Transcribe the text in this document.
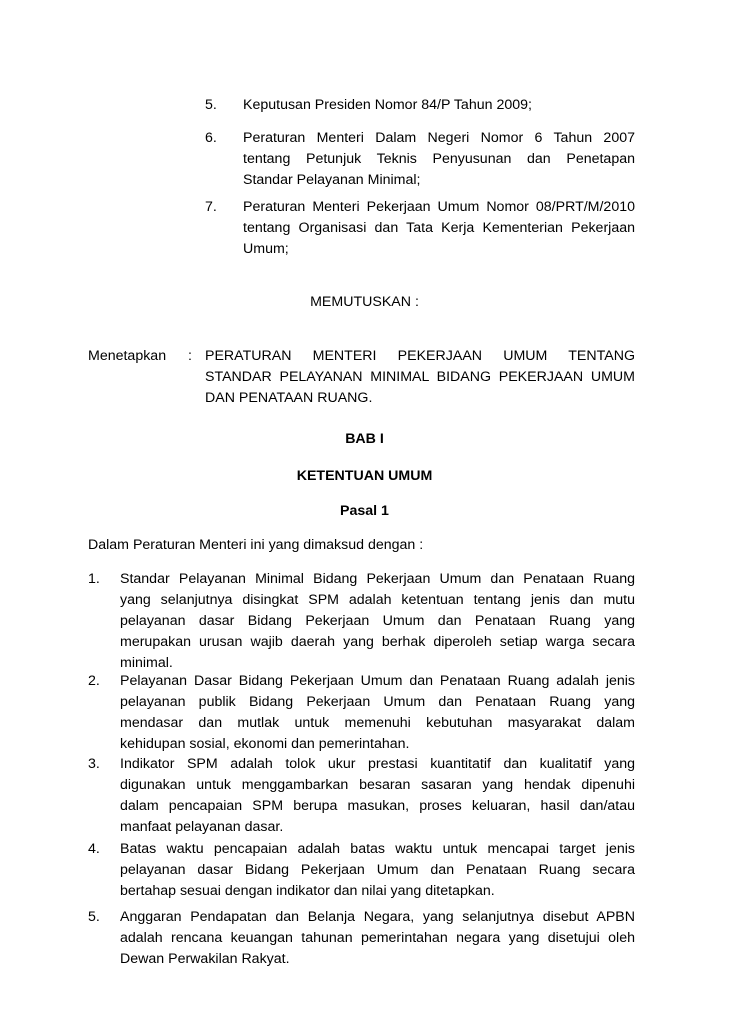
5. Keputusan Presiden Nomor 84/P Tahun 2009;
6. Peraturan Menteri Dalam Negeri Nomor 6 Tahun 2007
tentang Petunjuk Teknis Penyusunan dan Penetapan
Standar Pelayanan Minimal;
7. Peraturan Menteri Pekerjaan Umum Nomor 08/PRT/M/2010
tentang Organisasi dan Tata Kerja Kementerian Pekerjaan
Umum;
MEMUTUSKAN :
Menetapkan : PERATURAN MENTERI PEKERJAAN UMUM TENTANG
STANDAR PELAYANAN MINIMAL BIDANG PEKERJAAN UMUM
DAN PENATAAN RUANG.
BAB I
KETENTUAN UMUM
Pasal 1
Dalam Peraturan Menteri ini yang dimaksud dengan :
1. Standar Pelayanan Minimal Bidang Pekerjaan Umum dan Penataan Ruang
yang selanjutnya disingkat SPM adalah ketentuan tentang jenis dan mutu
pelayanan dasar Bidang Pekerjaan Umum dan Penataan Ruang yang
merupakan urusan wajib daerah yang berhak diperoleh setiap warga secara
minimal.
2. Pelayanan Dasar Bidang Pekerjaan Umum dan Penataan Ruang adalah jenis
pelayanan publik Bidang Pekerjaan Umum dan Penataan Ruang yang
mendasar dan mutlak untuk memenuhi kebutuhan masyarakat dalam
kehidupan sosial, ekonomi dan pemerintahan.
3. Indikator SPM adalah tolok ukur prestasi kuantitatif dan kualitatif yang
digunakan untuk menggambarkan besaran sasaran yang hendak dipenuhi
dalam pencapaian SPM berupa masukan, proses keluaran, hasil dan/atau
manfaat pelayanan dasar.
4. Batas waktu pencapaian adalah batas waktu untuk mencapai target jenis
pelayanan dasar Bidang Pekerjaan Umum dan Penataan Ruang secara
bertahap sesuai dengan indikator dan nilai yang ditetapkan.
5. Anggaran Pendapatan dan Belanja Negara, yang selanjutnya disebut APBN
adalah rencana keuangan tahunan pemerintahan negara yang disetujui oleh
Dewan Perwakilan Rakyat.
